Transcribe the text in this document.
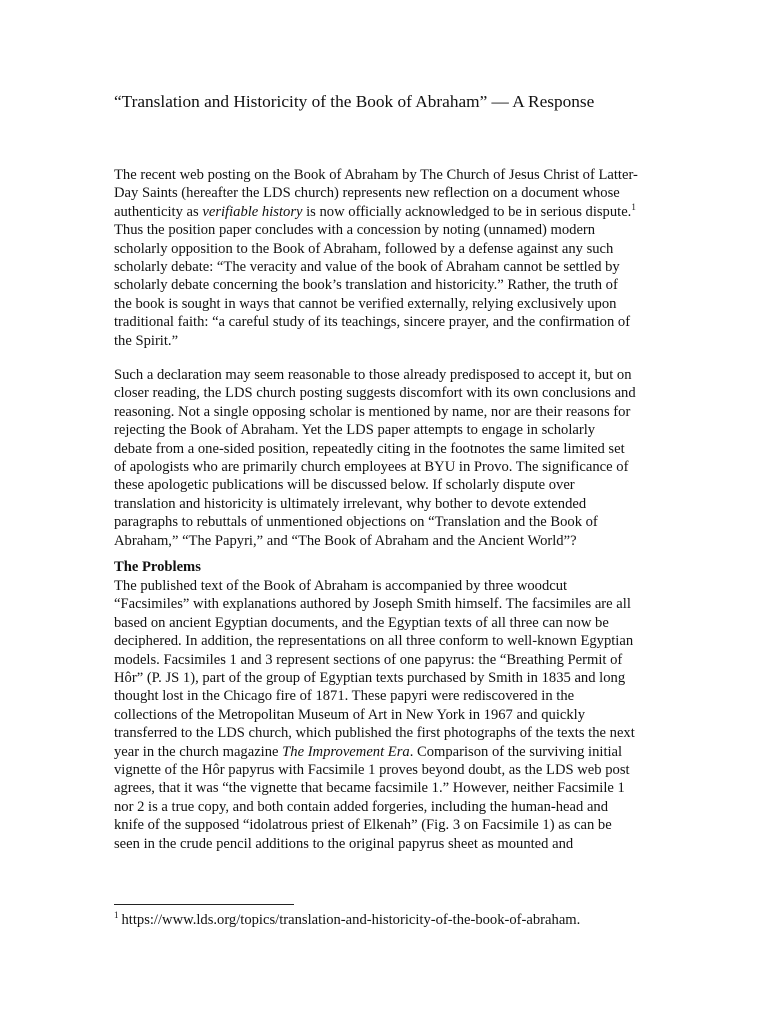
“Translation and Historicity of the Book of Abraham” — A Response

The recent web posting on the Book of Abraham by The Church of Jesus Christ of Latter-
Day Saints (hereafter the LDS church) represents new reflection on a document whose
authenticity as verifiable history is now officially acknowledged to be in serious dispute.$^1$
Thus the position paper concludes with a concession by noting (unnamed) modern
scholarly opposition to the Book of Abraham, followed by a defense against any such
scholarly debate: “The veracity and value of the book of Abraham cannot be settled by
scholarly debate concerning the book’s translation and historicity.” Rather, the truth of
the book is sought in ways that cannot be verified externally, relying exclusively upon
traditional faith: “a careful study of its teachings, sincere prayer, and the confirmation of
the Spirit.”

Such a declaration may seem reasonable to those already predisposed to accept it, but on
closer reading, the LDS church posting suggests discomfort with its own conclusions and
reasoning. Not a single opposing scholar is mentioned by name, nor are their reasons for
rejecting the Book of Abraham. Yet the LDS paper attempts to engage in scholarly
debate from a one-sided position, repeatedly citing in the footnotes the same limited set
of apologists who are primarily church employees at BYU in Provo. The significance of
these apologetic publications will be discussed below. If scholarly dispute over
translation and historicity is ultimately irrelevant, why bother to devote extended
paragraphs to rebuttals of unmentioned objections on “Translation and the Book of
Abraham,” “The Papyri,” and “The Book of Abraham and the Ancient World”?

The Problems

The published text of the Book of Abraham is accompanied by three woodcut
“Facsimiles” with explanations authored by Joseph Smith himself. The facsimiles are all
based on ancient Egyptian documents, and the Egyptian texts of all three can now be
deciphered. In addition, the representations on all three conform to well-known Egyptian
models. Facsimiles 1 and 3 represent sections of one papyrus: the “Breathing Permit of
Hôr” (P. JS 1), part of the group of Egyptian texts purchased by Smith in 1835 and long
thought lost in the Chicago fire of 1871. These papyri were rediscovered in the
collections of the Metropolitan Museum of Art in New York in 1967 and quickly
transferred to the LDS church, which published the first photographs of the texts the next
year in the church magazine The Improvement Era. Comparison of the surviving initial
vignette of the Hôr papyrus with Facsimile 1 proves beyond doubt, as the LDS web post
agrees, that it was “the vignette that became facsimile 1.” However, neither Facsimile 1
nor 2 is a true copy, and both contain added forgeries, including the human-head and
knife of the supposed “idolatrous priest of Elkenah” (Fig. 3 on Facsimile 1) as can be
seen in the crude pencil additions to the original papyrus sheet as mounted and

$^1$ https://www.lds.org/topics/translation-and-historicity-of-the-book-of-abraham.
